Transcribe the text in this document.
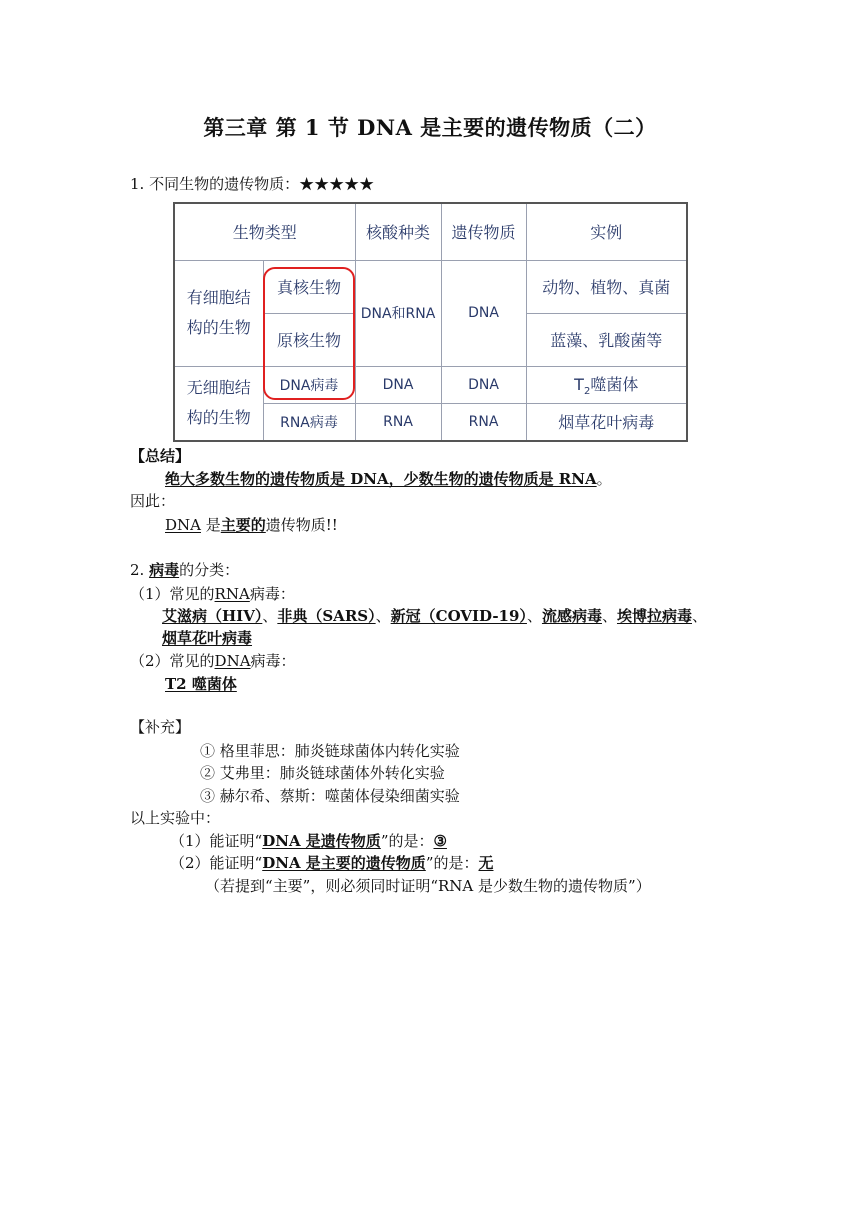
第三章 第 1 节 DNA 是主要的遗传物质（二）
1. 不同生物的遗传物质：★★★★★
生物类型		核酸种类	遗传物质	实例
有细胞结构的生物	真核生物	DNA和RNA	DNA	动物、植物、真菌
	原核生物			蓝藻、乳酸菌等
无细胞结构的生物	DNA病毒	DNA	DNA	$T_2$噬菌体
	RNA病毒	RNA	RNA	烟草花叶病毒
【总结】
绝大多数生物的遗传物质是 DNA，少数生物的遗传物质是 RNA。
因此：
DNA 是主要的遗传物质!!
2. 病毒的分类：
（1）常见的RNA病毒：
艾滋病（HIV）、非典（SARS）、新冠（COVID-19）、流感病毒、埃博拉病毒、
烟草花叶病毒
（2）常见的DNA病毒：
T2 噬菌体
【补充】
① 格里菲思：肺炎链球菌体内转化实验
② 艾弗里：肺炎链球菌体外转化实验
③ 赫尔希、蔡斯：噬菌体侵染细菌实验
以上实验中：
（1）能证明“DNA 是遗传物质”的是：③
（2）能证明“DNA 是主要的遗传物质”的是：无
（若提到“主要”，则必须同时证明“RNA 是少数生物的遗传物质”）
